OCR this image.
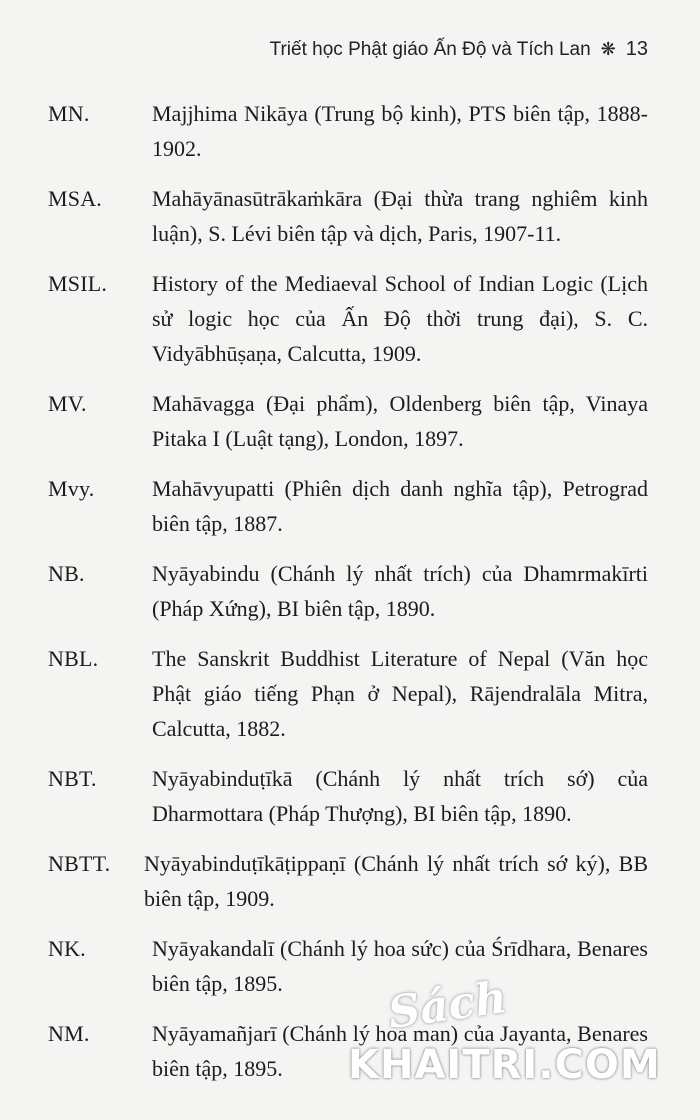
Triết học Phật giáo Ấn Độ và Tích Lan ❋ 13
MN.	Majjhima Nikāya (Trung bộ kinh), PTS biên tập, 1888-1902.
MSA.	Mahāyānasūtrākaṁkāra (Đại thừa trang nghiêm kinh luận), S. Lévi biên tập và dịch, Paris, 1907-11.
MSIL.	History of the Mediaeval School of Indian Logic (Lịch sử logic học của Ấn Độ thời trung đại), S. C. Vidyābhūṣaṇa, Calcutta, 1909.
MV.	Mahāvagga (Đại phẩm), Oldenberg biên tập, Vinaya Pitaka I (Luật tạng), London, 1897.
Mvy.	Mahāvyupatti (Phiên dịch danh nghĩa tập), Petrograd biên tập, 1887.
NB.	Nyāyabindu (Chánh lý nhất trích) của Dhamrmakīrti (Pháp Xứng), BI biên tập, 1890.
NBL.	The Sanskrit Buddhist Literature of Nepal (Văn học Phật giáo tiếng Phạn ở Nepal), Rājendralāla Mitra, Calcutta, 1882.
NBT.	Nyāyabinduṭīkā (Chánh lý nhất trích sớ) của Dharmottara (Pháp Thượng), BI biên tập, 1890.
NBTT.	Nyāyabinduṭīkāṭippaṇī (Chánh lý nhất trích sớ ký), BB biên tập, 1909.
NK.	Nyāyakandalī (Chánh lý hoa sức) của Śrīdhara, Benares biên tập, 1895.
NM.	Nyāyamañjarī (Chánh lý hoa man) của Jayanta, Benares biên tập, 1895.
Sách
KHAITRI.COM
